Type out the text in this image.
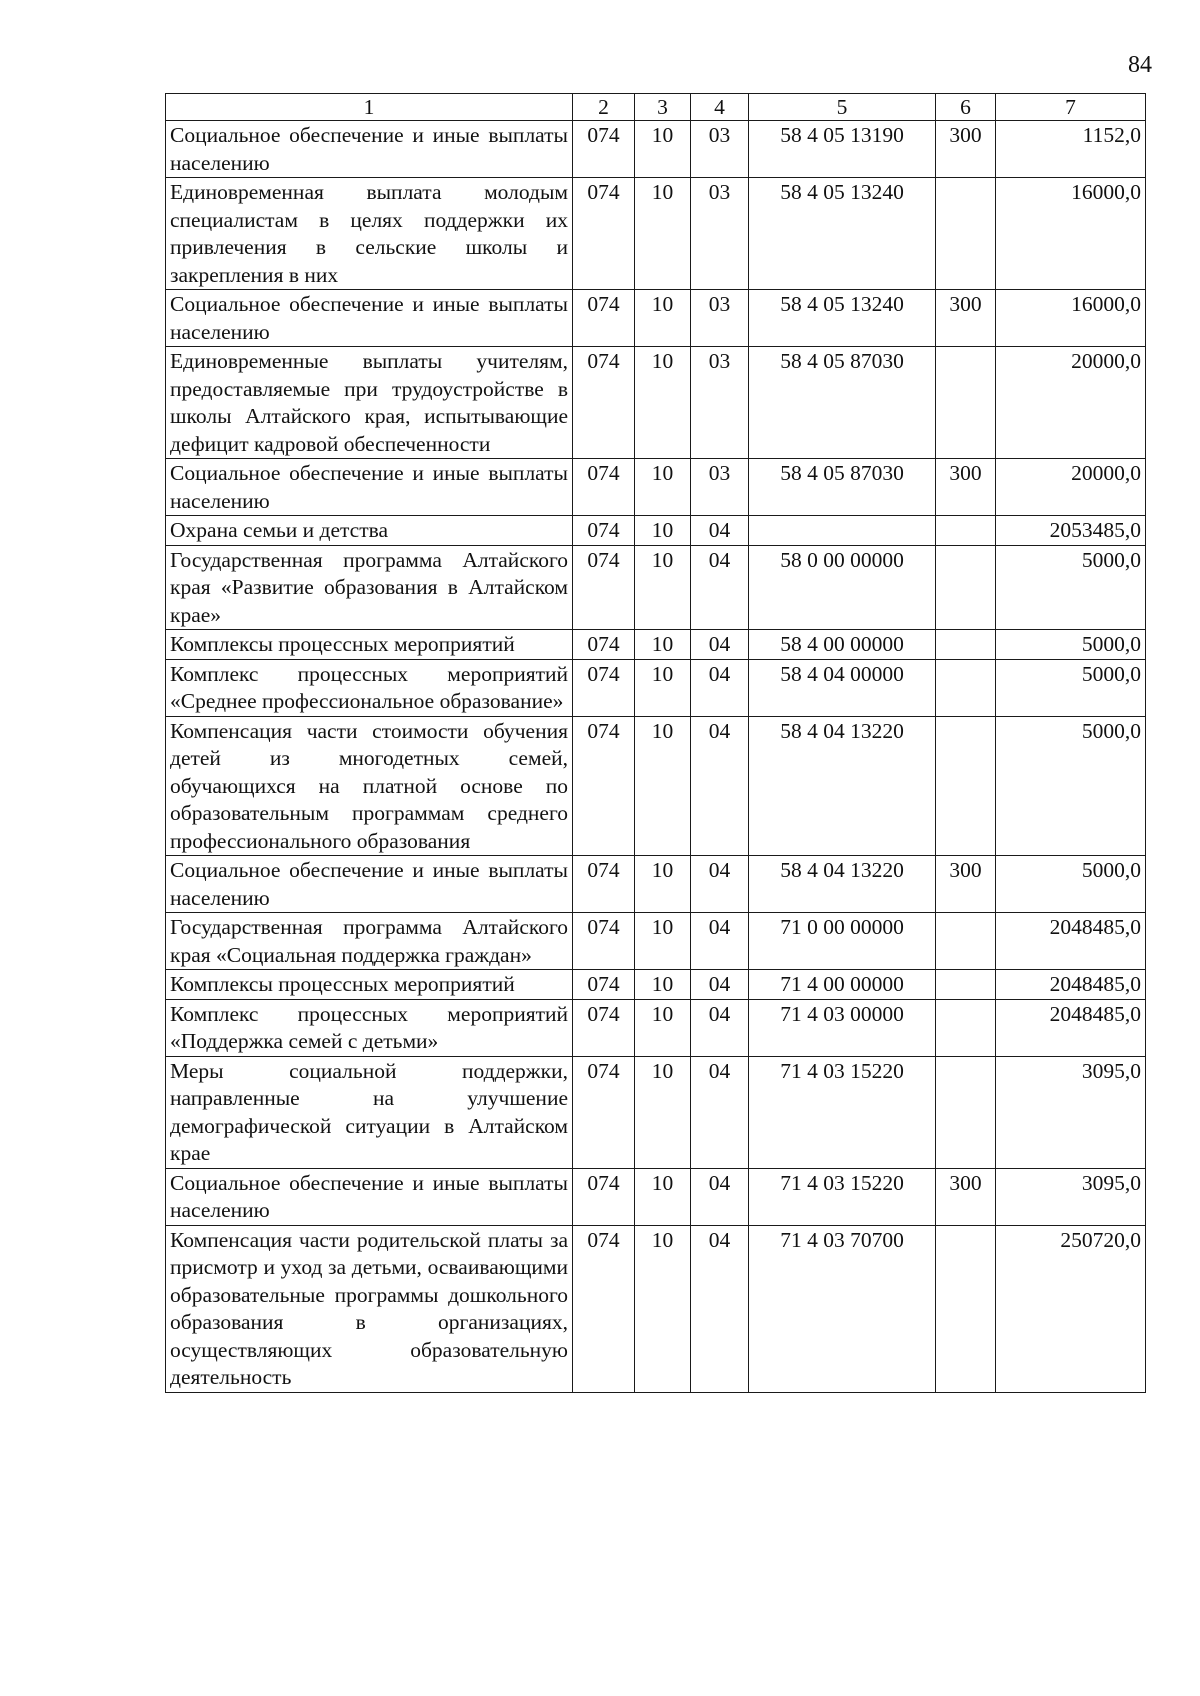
84
1	2	3	4	5	6	7
Социальное обеспечение и иные выплаты населению	074	10	03	58 4 05 13190	300	1152,0
Единовременная выплата молодым специалистам в целях поддержки их привлечения в сельские школы и закрепления в них	074	10	03	58 4 05 13240		16000,0
Социальное обеспечение и иные выплаты населению	074	10	03	58 4 05 13240	300	16000,0
Единовременные выплаты учителям, предоставляемые при трудоустройстве в школы Алтайского края, испытывающие дефицит кадровой обеспеченности	074	10	03	58 4 05 87030		20000,0
Социальное обеспечение и иные выплаты населению	074	10	03	58 4 05 87030	300	20000,0
Охрана семьи и детства	074	10	04			2053485,0
Государственная программа Алтайского края «Развитие образования в Алтайском крае»	074	10	04	58 0 00 00000		5000,0
Комплексы процессных мероприятий	074	10	04	58 4 00 00000		5000,0
Комплекс процессных мероприятий «Среднее профессиональное образование»	074	10	04	58 4 04 00000		5000,0
Компенсация части стоимости обучения детей из многодетных семей, обучающихся на платной основе по образовательным программам среднего профессионального образования	074	10	04	58 4 04 13220		5000,0
Социальное обеспечение и иные выплаты населению	074	10	04	58 4 04 13220	300	5000,0
Государственная программа Алтайского края «Социальная поддержка граждан»	074	10	04	71 0 00 00000		2048485,0
Комплексы процессных мероприятий	074	10	04	71 4 00 00000		2048485,0
Комплекс процессных мероприятий «Поддержка семей с детьми»	074	10	04	71 4 03 00000		2048485,0
Меры социальной поддержки, направленные на улучшение демографической ситуации в Алтайском крае	074	10	04	71 4 03 15220		3095,0
Социальное обеспечение и иные выплаты населению	074	10	04	71 4 03 15220	300	3095,0
Компенсация части родительской платы за присмотр и уход за детьми, осваивающими образовательные программы дошкольного образования в организациях, осуществляющих образовательную деятельность	074	10	04	71 4 03 70700		250720,0
